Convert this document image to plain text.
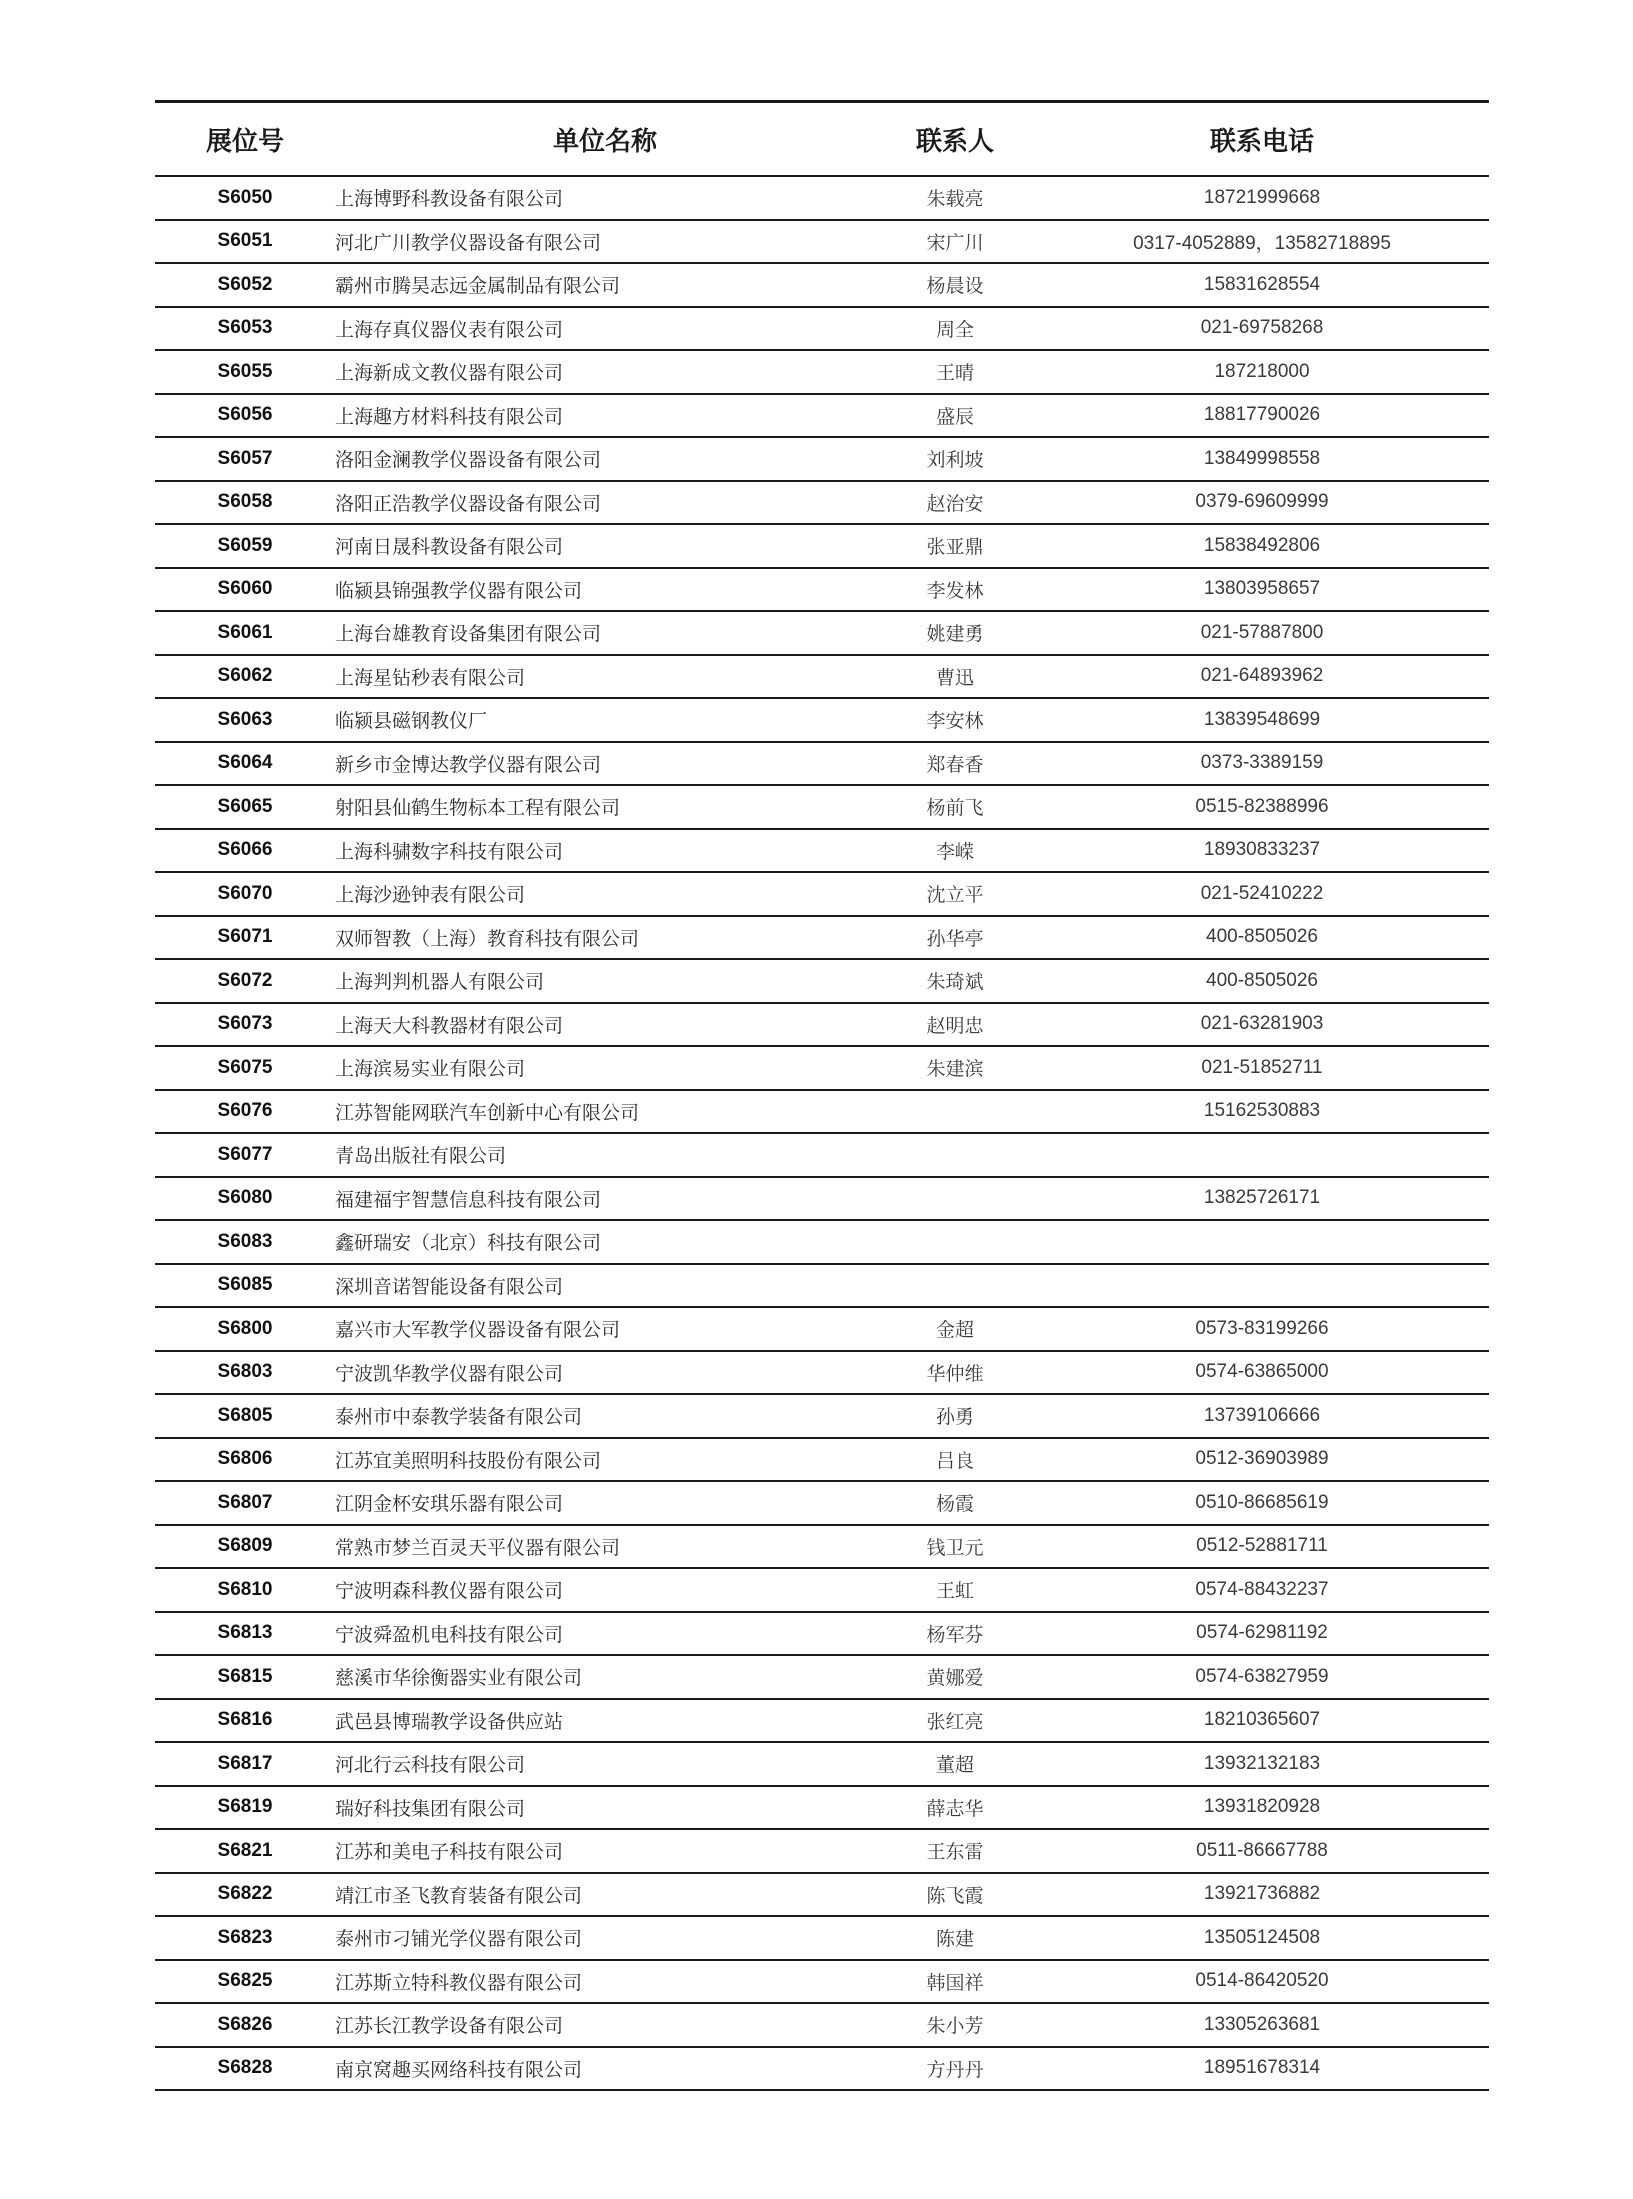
展位号	单位名称	联系人	联系电话
S6050	上海博野科教设备有限公司	朱载亮	18721999668
S6051	河北广川教学仪器设备有限公司	宋广川	0317-4052889，13582718895
S6052	霸州市腾昊志远金属制品有限公司	杨晨设	15831628554
S6053	上海存真仪器仪表有限公司	周全	021-69758268
S6055	上海新成文教仪器有限公司	王晴	187218000
S6056	上海趣方材料科技有限公司	盛辰	18817790026
S6057	洛阳金澜教学仪器设备有限公司	刘利坡	13849998558
S6058	洛阳正浩教学仪器设备有限公司	赵治安	0379-69609999
S6059	河南日晟科教设备有限公司	张亚鼎	15838492806
S6060	临颍县锦强教学仪器有限公司	李发林	13803958657
S6061	上海台雄教育设备集团有限公司	姚建勇	021-57887800
S6062	上海星钻秒表有限公司	曹迅	021-64893962
S6063	临颍县磁钢教仪厂	李安林	13839548699
S6064	新乡市金博达教学仪器有限公司	郑春香	0373-3389159
S6065	射阳县仙鹤生物标本工程有限公司	杨前飞	0515-82388996
S6066	上海科骕数字科技有限公司	李嵘	18930833237
S6070	上海沙逊钟表有限公司	沈立平	021-52410222
S6071	双师智教（上海）教育科技有限公司	孙华亭	400-8505026
S6072	上海判判机器人有限公司	朱琦斌	400-8505026
S6073	上海天大科教器材有限公司	赵明忠	021-63281903
S6075	上海滨易实业有限公司	朱建滨	021-51852711
S6076	江苏智能网联汽车创新中心有限公司		15162530883
S6077	青岛出版社有限公司		
S6080	福建福宇智慧信息科技有限公司		13825726171
S6083	鑫研瑞安（北京）科技有限公司		
S6085	深圳音诺智能设备有限公司		
S6800	嘉兴市大军教学仪器设备有限公司	金超	0573-83199266
S6803	宁波凯华教学仪器有限公司	华仲维	0574-63865000
S6805	泰州市中泰教学装备有限公司	孙勇	13739106666
S6806	江苏宜美照明科技股份有限公司	吕良	0512-36903989
S6807	江阴金杯安琪乐器有限公司	杨霞	0510-86685619
S6809	常熟市梦兰百灵天平仪器有限公司	钱卫元	0512-52881711
S6810	宁波明森科教仪器有限公司	王虹	0574-88432237
S6813	宁波舜盈机电科技有限公司	杨军芬	0574-62981192
S6815	慈溪市华徐衡器实业有限公司	黄娜爱	0574-63827959
S6816	武邑县博瑞教学设备供应站	张红亮	18210365607
S6817	河北行云科技有限公司	董超	13932132183
S6819	瑞好科技集团有限公司	薛志华	13931820928
S6821	江苏和美电子科技有限公司	王东雷	0511-86667788
S6822	靖江市圣飞教育装备有限公司	陈飞霞	13921736882
S6823	泰州市刁铺光学仪器有限公司	陈建	13505124508
S6825	江苏斯立特科教仪器有限公司	韩国祥	0514-86420520
S6826	江苏长江教学设备有限公司	朱小芳	13305263681
S6828	南京窝趣买网络科技有限公司	方丹丹	18951678314
